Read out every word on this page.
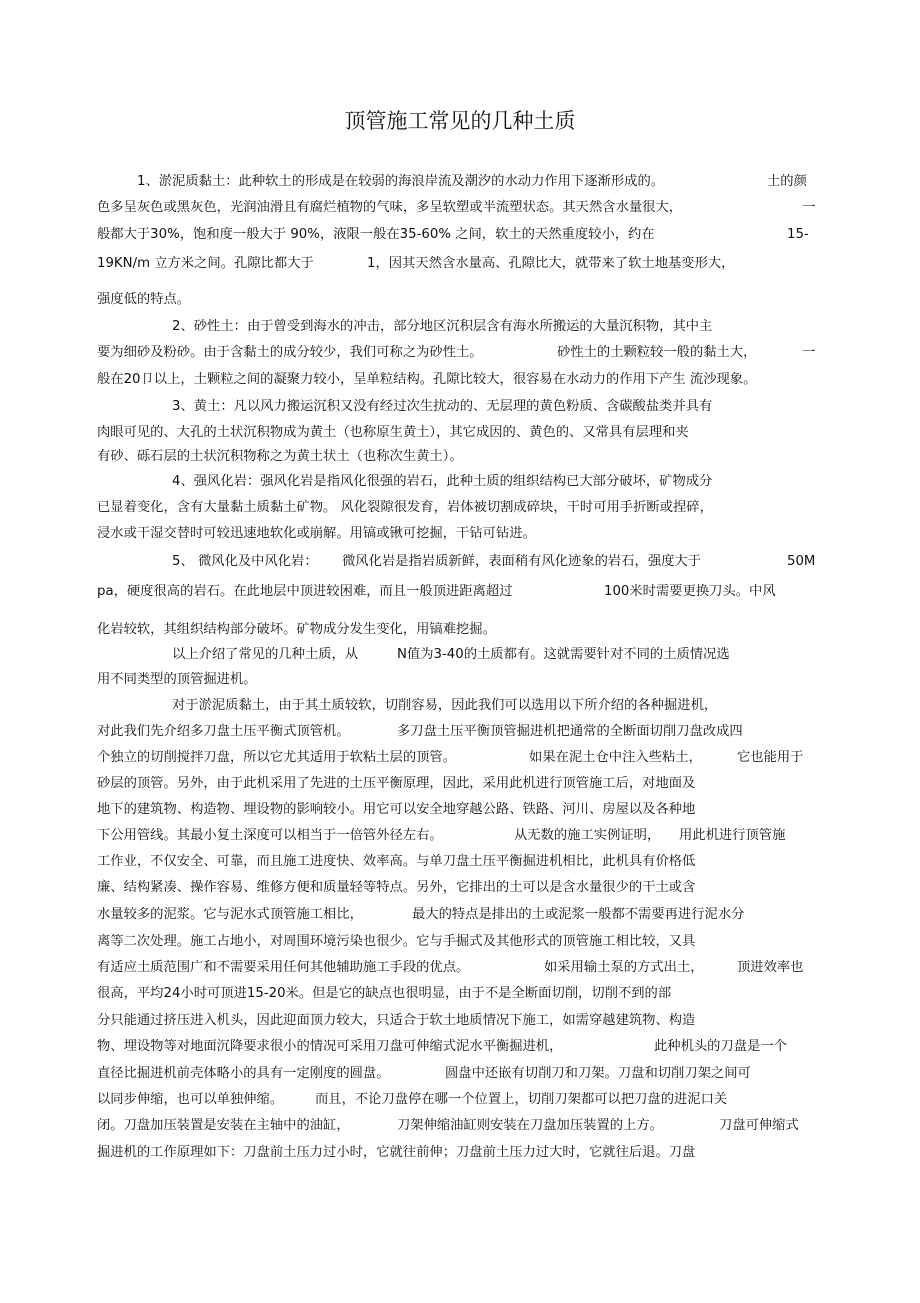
顶管施工常见的几种土质
1、淤泥质黏土：此种软土的形成是在较弱的海浪岸流及潮汐的水动力作用下逐渐形成的。	土的颜
色多呈灰色或黑灰色，光润油滑且有腐烂植物的气味，多呈软塑或半流塑状态。其天然含水量很大，	一
般都大于30%，饱和度一般大于 90%，液限一般在35-60% 之间，软土的天然重度较小，约在	15-
19KN/m 立方米之间。孔隙比都大于	1，因其天然含水量高、孔隙比大，就带来了软土地基变形大，
强度低的特点。
2、砂性土：由于曾受到海水的冲击，部分地区沉积层含有海水所搬运的大量沉积物，其中主
要为细砂及粉砂。由于含黏土的成分较少，我们可称之为砂性土。	砂性土的土颗粒较一般的黏土大，	一
般在20卩以上，土颗粒之间的凝聚力较小，呈单粒结构。孔隙比较大，很容易在水动力的作用下产生 流沙现象。
3、黄土：凡以风力搬运沉积又没有经过次生扰动的、无层理的黄色粉质、含碳酸盐类并具有
肉眼可见的、大孔的土状沉积物成为黄土（也称原生黄土），其它成因的、黄色的、又常具有层理和夹
有砂、砾石层的土状沉积物称之为黄土状土（也称次生黄土）。
4、强风化岩：强风化岩是指风化很强的岩石，此种土质的组织结构已大部分破坏，矿物成分
已显着变化，含有大量黏土质黏土矿物。 风化裂隙很发育，岩体被切割成碎块，干时可用手折断或捏碎，
浸水或干湿交替时可较迅速地软化或崩解。用镐或锹可挖掘，干钻可钻进。
5、 微风化及中风化岩：	微风化岩是指岩质新鲜，表面稍有风化迹象的岩石，强度大于	50M
pa，硬度很高的岩石。在此地层中顶进较困难，而且一般顶进距离超过	100米时需要更换刀头。中风
化岩较软，其组织结构部分破坏。矿物成分发生变化，用镐难挖掘。
以上介绍了常见的几种土质，从	N值为3-40的土质都有。这就需要针对不同的土质情况选
用不同类型的顶管掘进机。
对于淤泥质黏土，由于其土质较软，切削容易，因此我们可以选用以下所介绍的各种掘进机，
对此我们先介绍多刀盘土压平衡式顶管机。	多刀盘土压平衡顶管掘进机把通常的全断面切削刀盘改成四
个独立的切削搅拌刀盘，所以它尤其适用于软粘土层的顶管。	如果在泥土仓中注入些粘土，	它也能用于
砂层的顶管。另外，由于此机采用了先进的土压平衡原理，因此，采用此机进行顶管施工后，对地面及
地下的建筑物、构造物、埋设物的影响较小。用它可以安全地穿越公路、铁路、河川、房屋以及各种地
下公用管线。其最小复土深度可以相当于一倍管外径左右。	从无数的施工实例证明，	用此机进行顶管施
工作业，不仅安全、可靠，而且施工进度快、效率高。与单刀盘土压平衡掘进机相比，此机具有价格低
廉、结构紧凑、操作容易、维修方便和质量轻等特点。另外，它排出的土可以是含水量很少的干土或含
水量较多的泥浆。它与泥水式顶管施工相比，	最大的特点是排出的土或泥浆一般都不需要再进行泥水分
离等二次处理。施工占地小，对周围环境污染也很少。它与手掘式及其他形式的顶管施工相比较，又具
有适应土质范围广和不需要采用任何其他辅助施工手段的优点。	如采用输土泵的方式出土，	顶进效率也
很高，平均24小时可顶进15-20米。但是它的缺点也很明显，由于不是全断面切削，切削不到的部
分只能通过挤压进入机头，因此迎面顶力较大，只适合于软土地质情况下施工，如需穿越建筑物、构造
物、埋设物等对地面沉降要求很小的情况可采用刀盘可伸缩式泥水平衡掘进机，	此种机头的刀盘是一个
直径比掘进机前壳体略小的具有一定刚度的圆盘。	圆盘中还嵌有切削刀和刀架。刀盘和切削刀架之间可
以同步伸缩，也可以单独伸缩。	而且，不论刀盘停在哪一个位置上，切削刀架都可以把刀盘的进泥口关
闭。刀盘加压装置是安装在主轴中的油缸，	刀架伸缩油缸则安装在刀盘加压装置的上方。	刀盘可伸缩式
掘进机的工作原理如下：刀盘前土压力过小时，它就往前伸；刀盘前土压力过大时，它就往后退。刀盘
